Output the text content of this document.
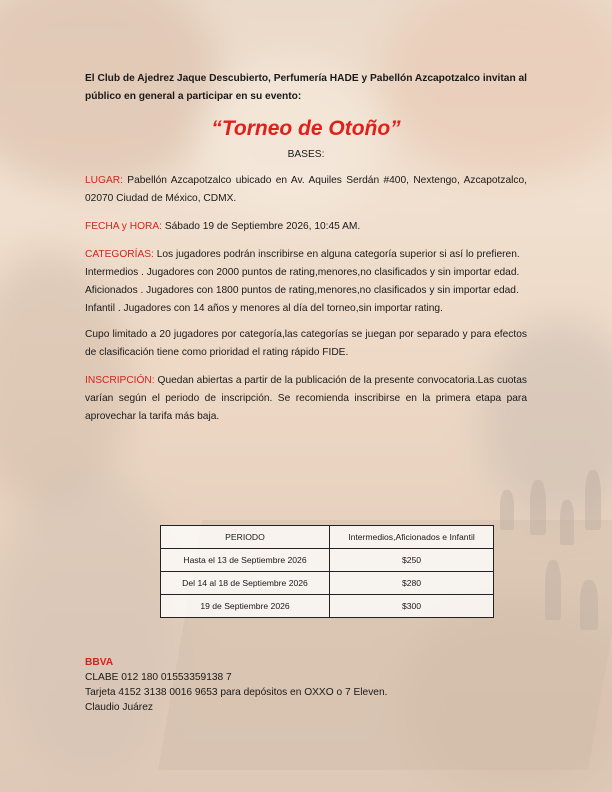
El Club de Ajedrez Jaque Descubierto, Perfumería HADE y Pabellón Azcapotzalco invitan al público en general a participar en su evento:

“Torneo de Otoño”

BASES:

LUGAR: Pabellón Azcapotzalco ubicado en Av. Aquiles Serdán #400, Nextengo, Azcapotzalco, 02070 Ciudad de México, CDMX.

FECHA y HORA: Sábado 19 de Septiembre 2026, 10:45 AM.

CATEGORÍAS: Los jugadores podrán inscribirse en alguna categoría superior si así lo prefieren.

Intermedios . Jugadores con 2000 puntos de rating,menores,no clasificados y sin importar edad.

Aficionados . Jugadores con 1800 puntos de rating,menores,no clasificados y sin importar edad.

Infantil . Jugadores con 14 años y menores al día del torneo,sin importar rating.

Cupo limitado a 20 jugadores por categoría,las categorías se juegan por separado y para efectos de clasificación tiene como prioridad el rating rápido FIDE.

INSCRIPCIÓN: Quedan abiertas a partir de la publicación de la presente convocatoria.Las cuotas varían según el periodo de inscripción. Se recomienda inscribirse en la primera etapa para aprovechar la tarifa más baja.

PERIODO	Intermedios,Aficionados e Infantil
Hasta el 13 de Septiembre 2026	$250
Del 14 al 18 de Septiembre 2026	$280
19 de Septiembre 2026	$300
BBVA
CLABE 012 180 01553359138 7
Tarjeta 4152 3138 0016 9653 para depósitos en OXXO o 7 Eleven.
Claudio Juárez
